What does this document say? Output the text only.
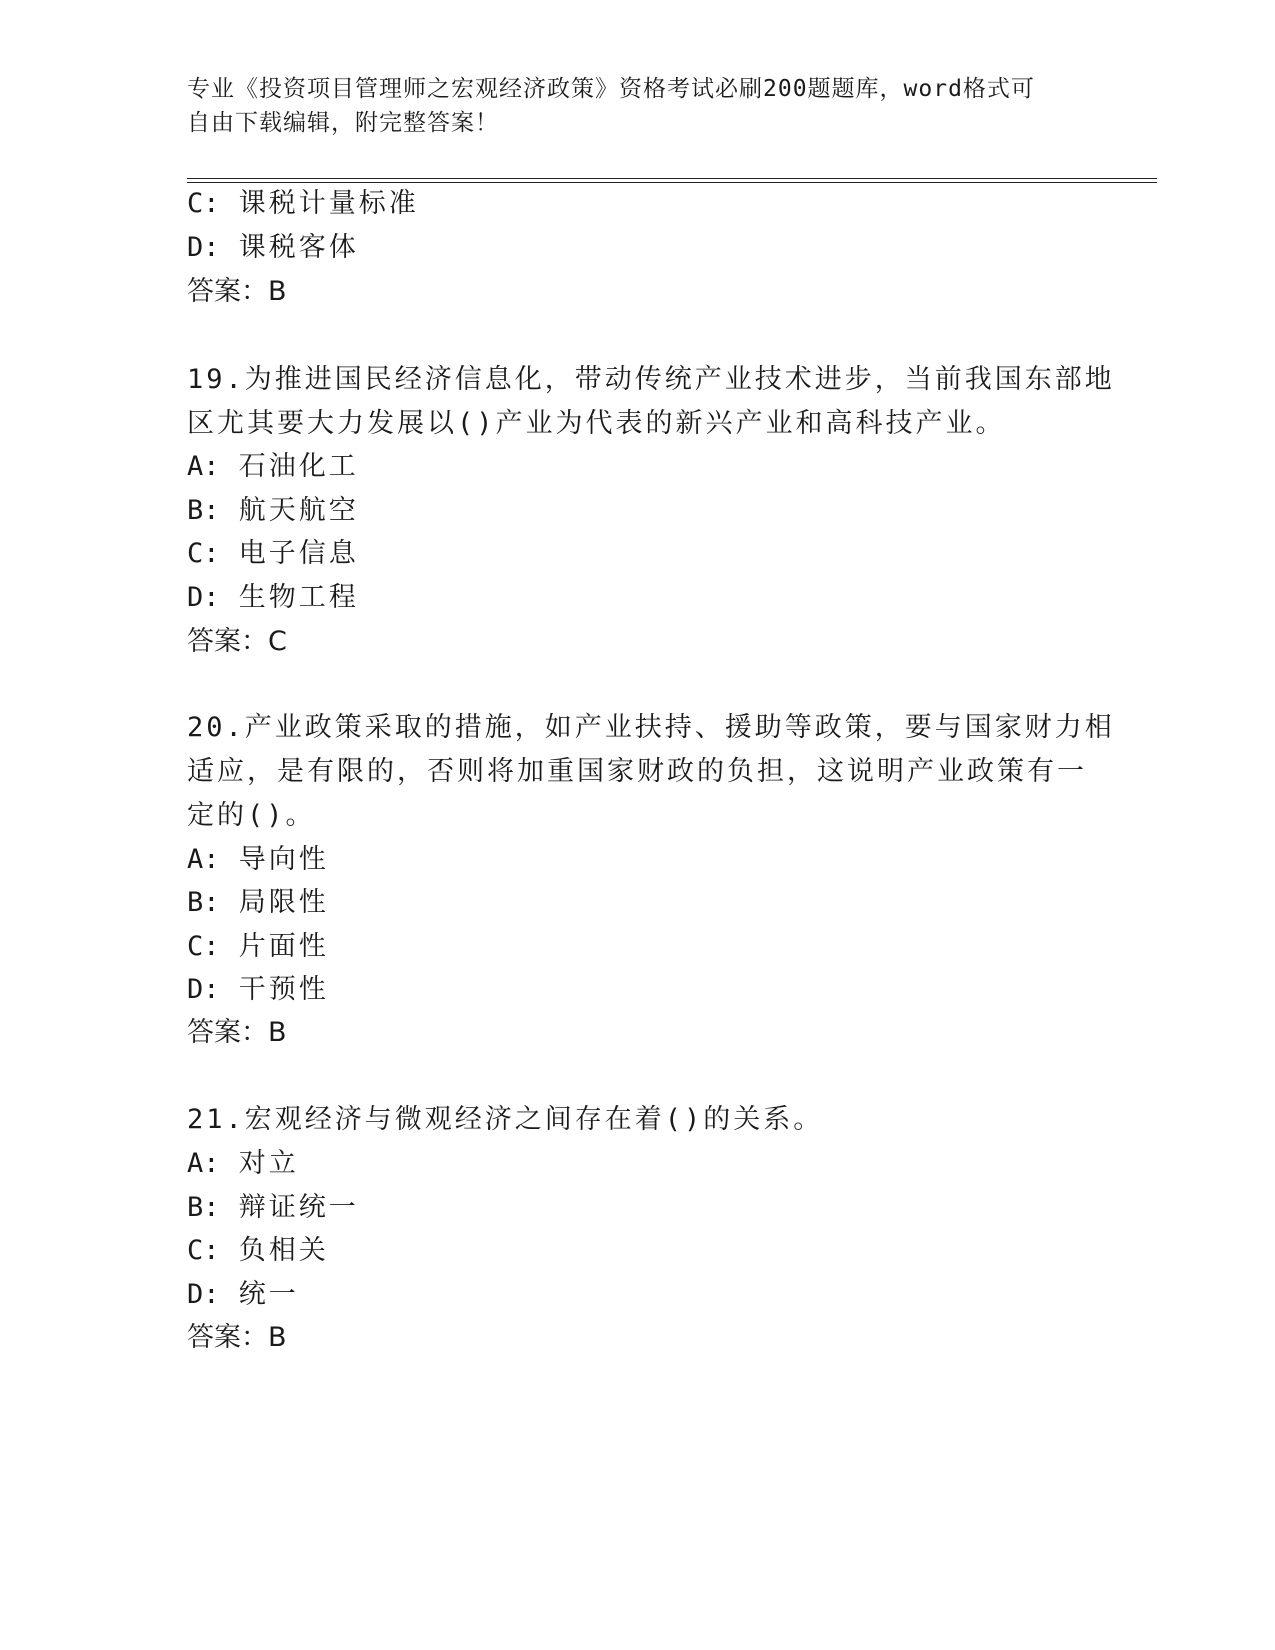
专业《投资项目管理师之宏观经济政策》资格考试必刷200题题库，word格式可
自由下载编辑，附完整答案！
C: 课税计量标准
D: 课税客体
答案：B
19.为推进国民经济信息化，带动传统产业技术进步，当前我国东部地
区尤其要大力发展以()产业为代表的新兴产业和高科技产业。
A: 石油化工
B: 航天航空
C: 电子信息
D: 生物工程
答案：C
20.产业政策采取的措施，如产业扶持、援助等政策，要与国家财力相
适应，是有限的，否则将加重国家财政的负担，这说明产业政策有一
定的()。
A: 导向性
B: 局限性
C: 片面性
D: 干预性
答案：B
21.宏观经济与微观经济之间存在着()的关系。
A: 对立
B: 辩证统一
C: 负相关
D: 统一
答案：B
